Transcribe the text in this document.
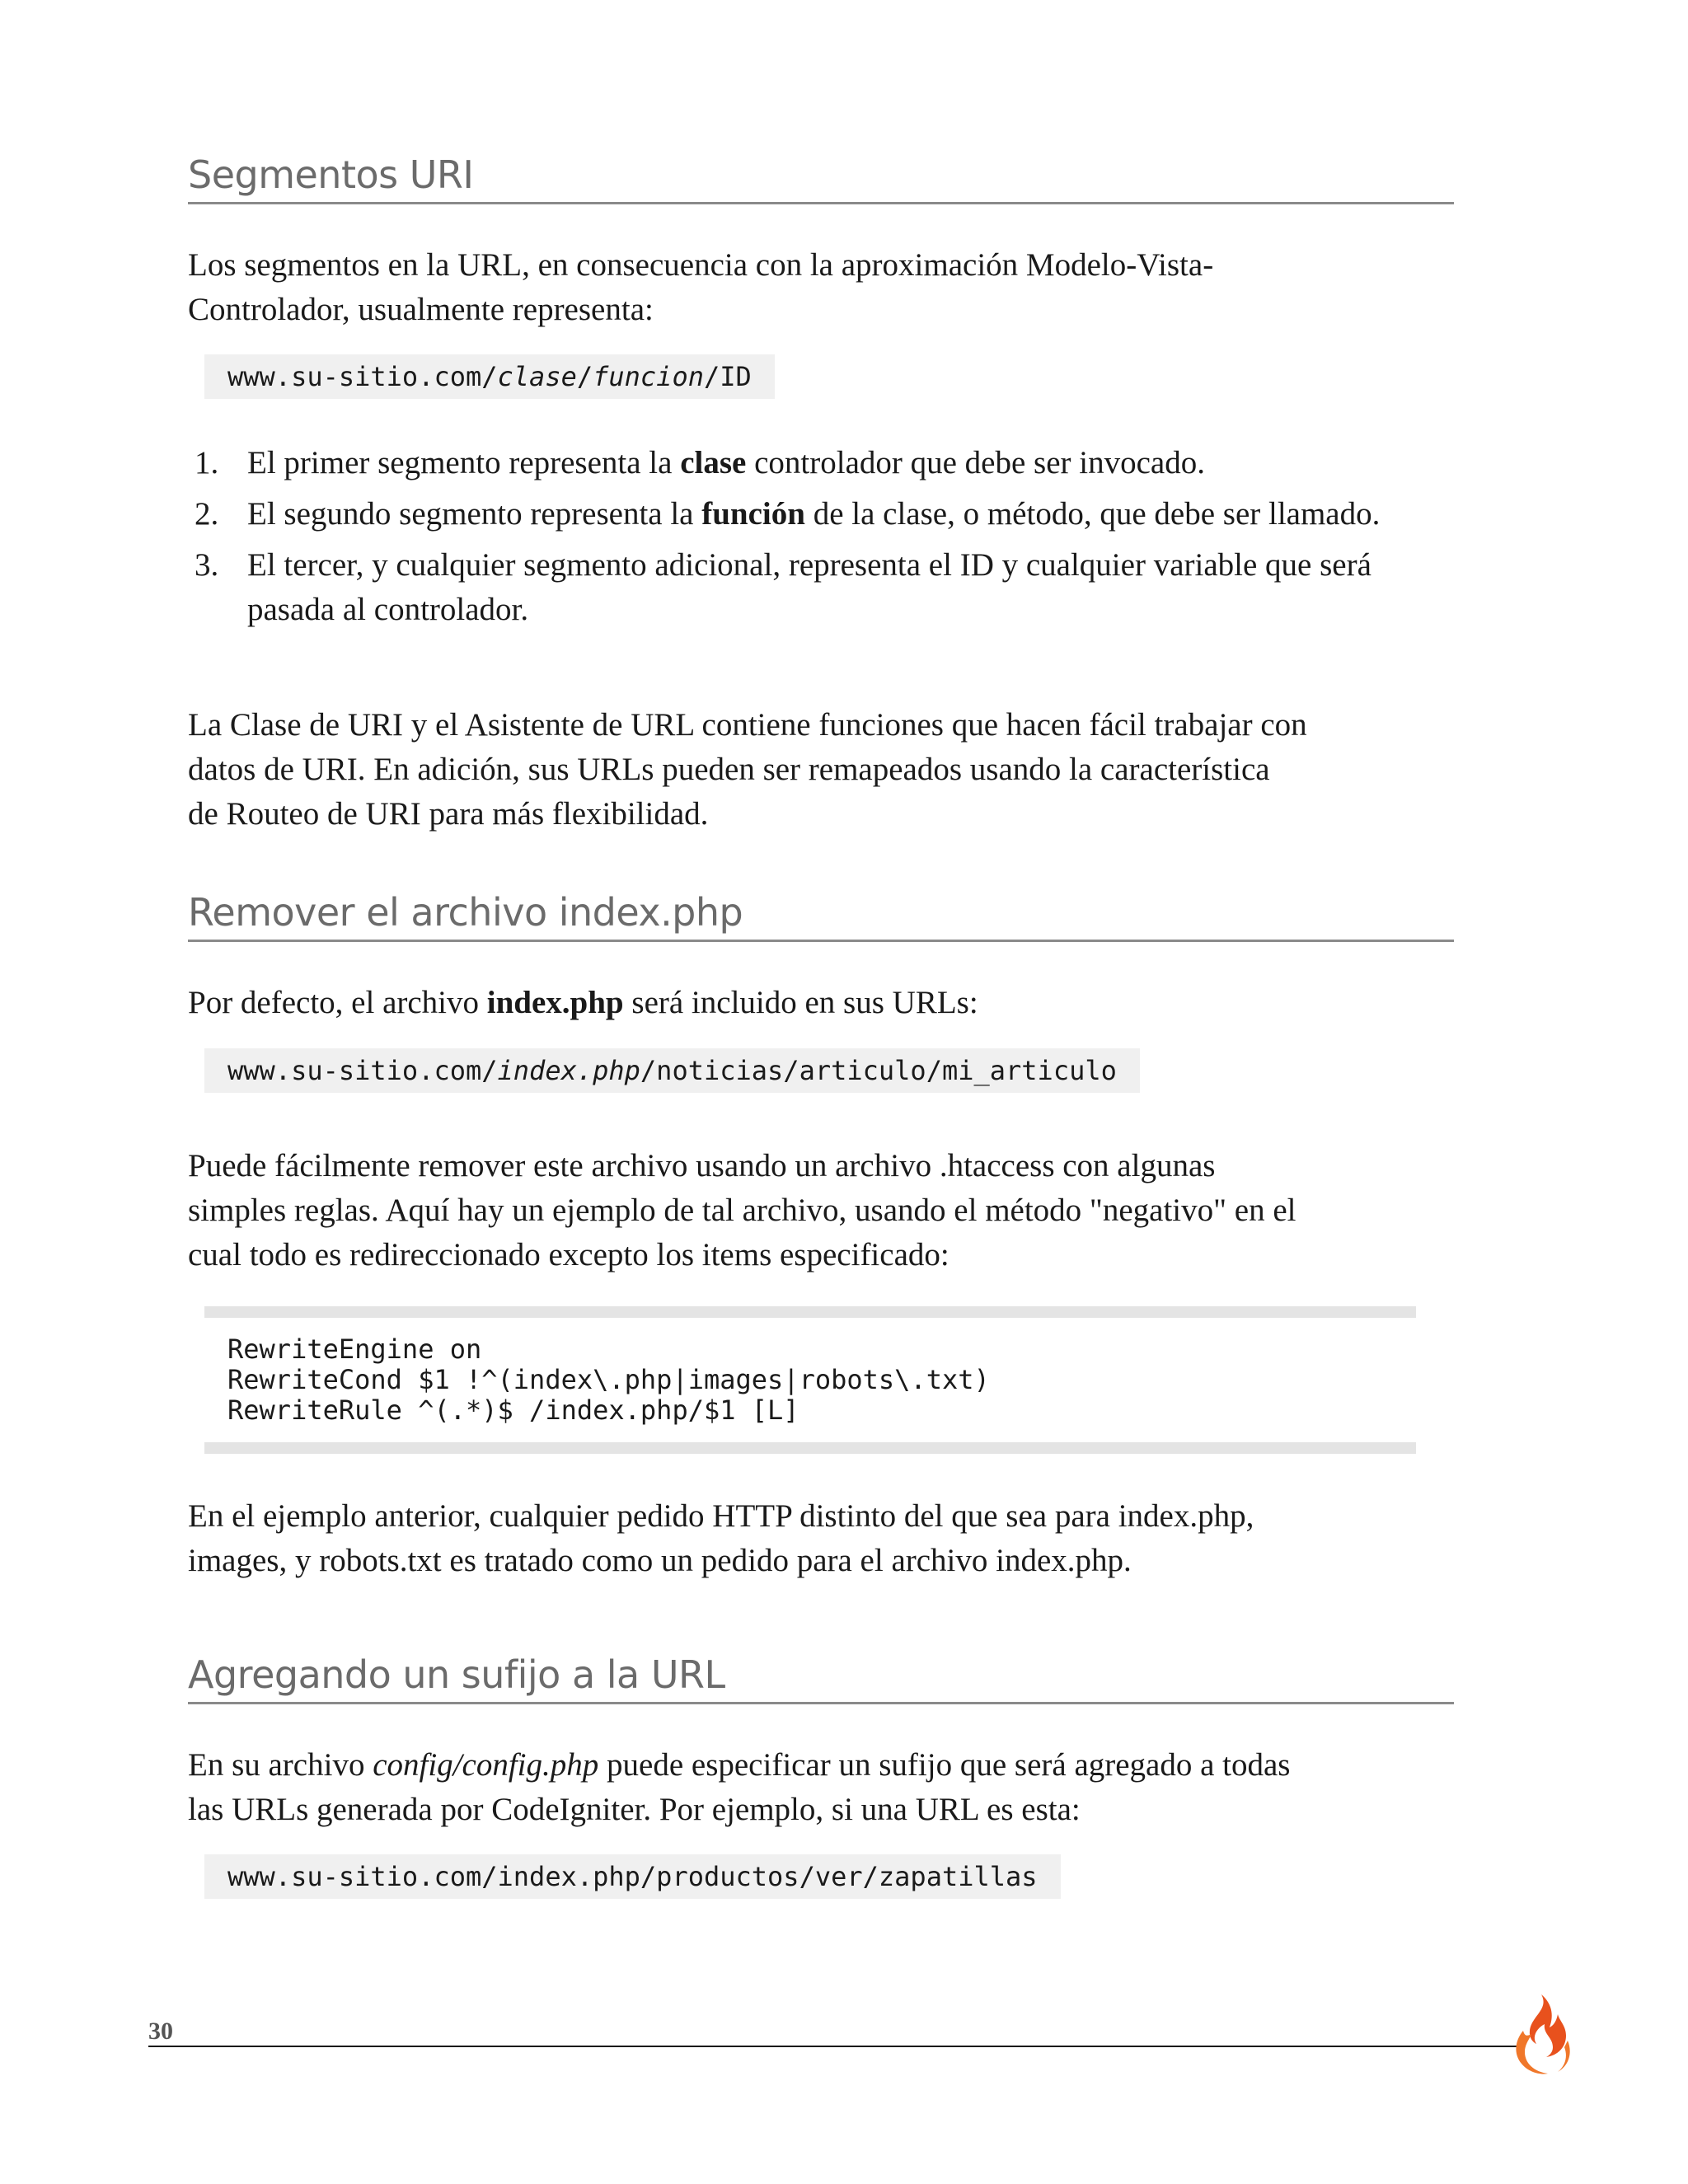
Segmentos URI

Los segmentos en la URL, en consecuencia con la aproximación Modelo-Vista-
Controlador, usualmente representa:

www.su-sitio.com/clase/funcion/ID
1. El primer segmento representa la clase controlador que debe ser invocado.
2. El segundo segmento representa la función de la clase, o método, que debe ser llamado.
3. El tercer, y cualquier segmento adicional, representa el ID y cualquier variable que será pasada al controlador.

La Clase de URI y el Asistente de URL contiene funciones que hacen fácil trabajar con
datos de URI. En adición, sus URLs pueden ser remapeados usando la característica
de Routeo de URI para más flexibilidad.

Remover el archivo index.php

Por defecto, el archivo index.php será incluido en sus URLs:

www.su-sitio.com/index.php/noticias/articulo/mi_articulo

Puede fácilmente remover este archivo usando un archivo .htaccess con algunas
simples reglas. Aquí hay un ejemplo de tal archivo, usando el método "negativo" en el
cual todo es redireccionado excepto los items especificado:

RewriteEngine on
RewriteCond $1 !^(index\.php|images|robots\.txt)
RewriteRule ^(.*)$ /index.php/$1 [L]

En el ejemplo anterior, cualquier pedido HTTP distinto del que sea para index.php,
images, y robots.txt es tratado como un pedido para el archivo index.php.

Agregando un sufijo a la URL

En su archivo config/config.php puede especificar un sufijo que será agregado a todas
las URLs generada por CodeIgniter. Por ejemplo, si una URL es esta:

www.su-sitio.com/index.php/productos/ver/zapatillas
30
